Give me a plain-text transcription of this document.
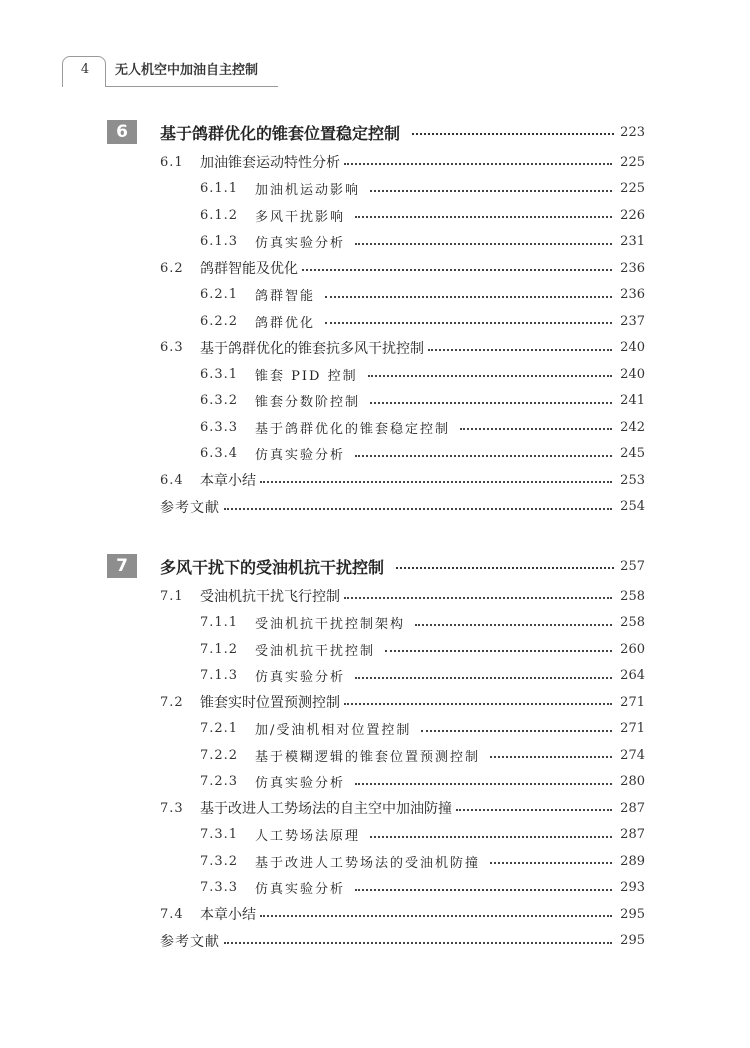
4	无人机空中加油自主控制
6	基于鸽群优化的锥套位置稳定控制	223
6.1	加油锥套运动特性分析	225
6.1.1	加油机运动影响	225
6.1.2	多风干扰影响	226
6.1.3	仿真实验分析	231
6.2	鸽群智能及优化	236
6.2.1	鸽群智能	236
6.2.2	鸽群优化	237
6.3	基于鸽群优化的锥套抗多风干扰控制	240
6.3.1	锥套 PID 控制	240
6.3.2	锥套分数阶控制	241
6.3.3	基于鸽群优化的锥套稳定控制	242
6.3.4	仿真实验分析	245
6.4	本章小结	253
参考文献	254
7	多风干扰下的受油机抗干扰控制	257
7.1	受油机抗干扰飞行控制	258
7.1.1	受油机抗干扰控制架构	258
7.1.2	受油机抗干扰控制	260
7.1.3	仿真实验分析	264
7.2	锥套实时位置预测控制	271
7.2.1	加/受油机相对位置控制	271
7.2.2	基于模糊逻辑的锥套位置预测控制	274
7.2.3	仿真实验分析	280
7.3	基于改进人工势场法的自主空中加油防撞	287
7.3.1	人工势场法原理	287
7.3.2	基于改进人工势场法的受油机防撞	289
7.3.3	仿真实验分析	293
7.4	本章小结	295
参考文献	295
